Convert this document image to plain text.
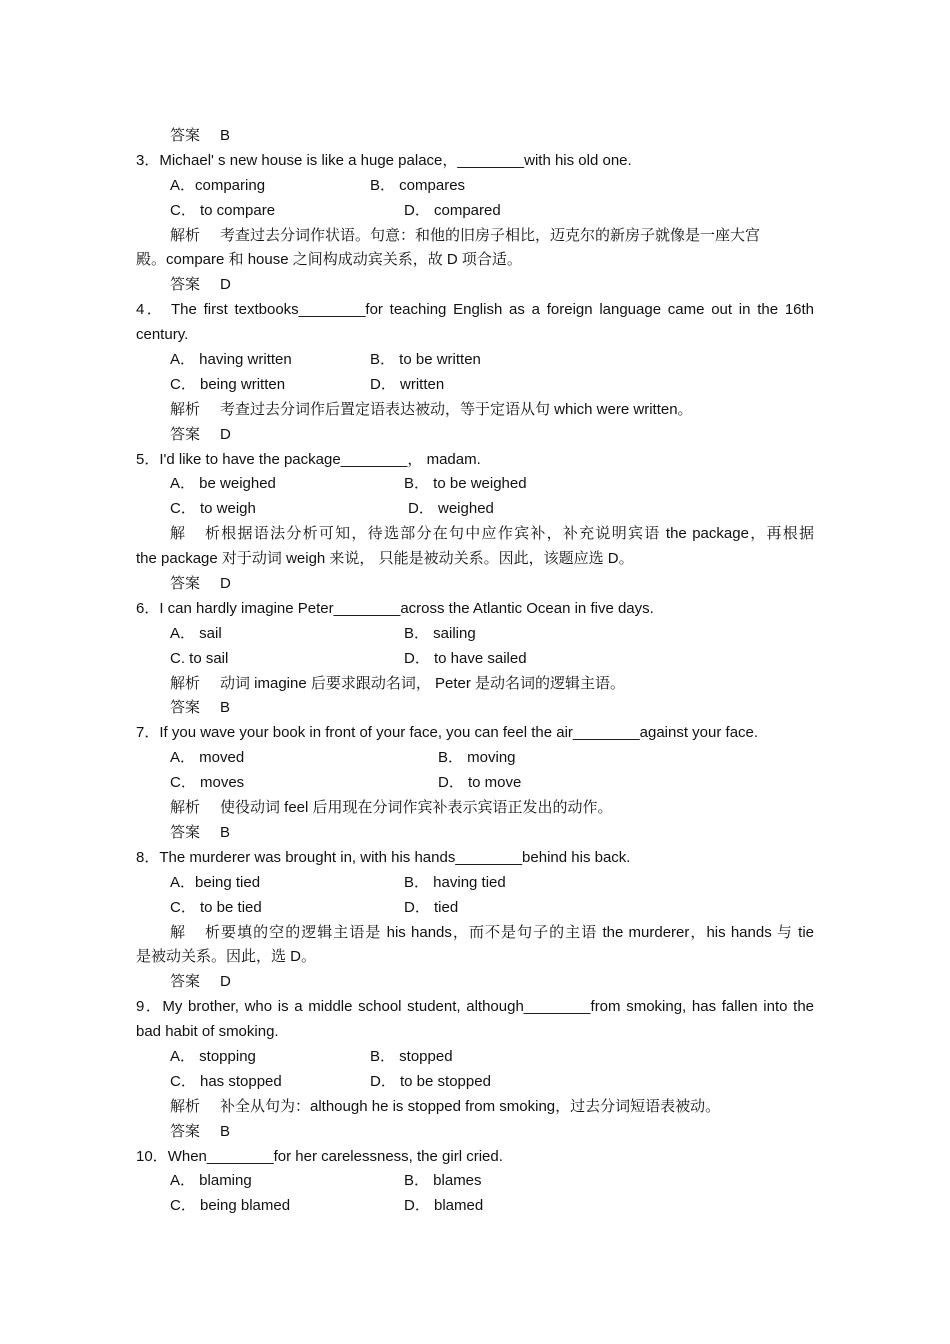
答案 B
3．Michael' s new house is like a huge palace，________with his old one.
A．comparing	B． compares
C． to compare	D． compared
解析 考查过去分词作状语。句意：和他的旧房子相比，迈克尔的新房子就像是一座大宫
殿。compare 和 house 之间构成动宾关系，故 D 项合适。
答案 D
4． The first textbooks________for teaching English as a foreign language came out in the 16th
century.
A． having written	B． to be written
C． being written	D． written
解析 考查过去分词作后置定语表达被动，等于定语从句 which were written。
答案 D
5．I'd like to have the package________， madam.
A． be weighed	B． to be weighed
C． to weigh	D． weighed
解析根据语法分析可知，待选部分在句中应作宾补，补充说明宾语 the package，再根据
the package 对于动词 weigh 来说， 只能是被动关系。因此，该题应选 D。
答案 D
6．I can hardly imagine Peter________across the Atlantic Ocean in five days.
A． sail	B． sailing
C. to sail	D． to have sailed
解析 动词 imagine 后要求跟动名词， Peter 是动名词的逻辑主语。
答案 B
7．If you wave your book in front of your face, you can feel the air________against your face.
A． moved	B． moving
C． moves	D． to move
解析 使役动词 feel 后用现在分词作宾补表示宾语正发出的动作。
答案 B
8．The murderer was brought in, with his hands________behind his back.
A．being tied	B． having tied
C． to be tied	D． tied
解析要填的空的逻辑主语是 his hands，而不是句子的主语 the murderer，his hands 与 tie
是被动关系。因此，选 D。
答案 D
9．My brother, who is a middle school student, although________from smoking, has fallen into the
bad habit of smoking.
A． stopping	B． stopped
C． has stopped	D． to be stopped
解析 补全从句为：although he is stopped from smoking，过去分词短语表被动。
答案 B
10．When________for her carelessness, the girl cried.
A． blaming	B． blames
C． being blamed	D． blamed
